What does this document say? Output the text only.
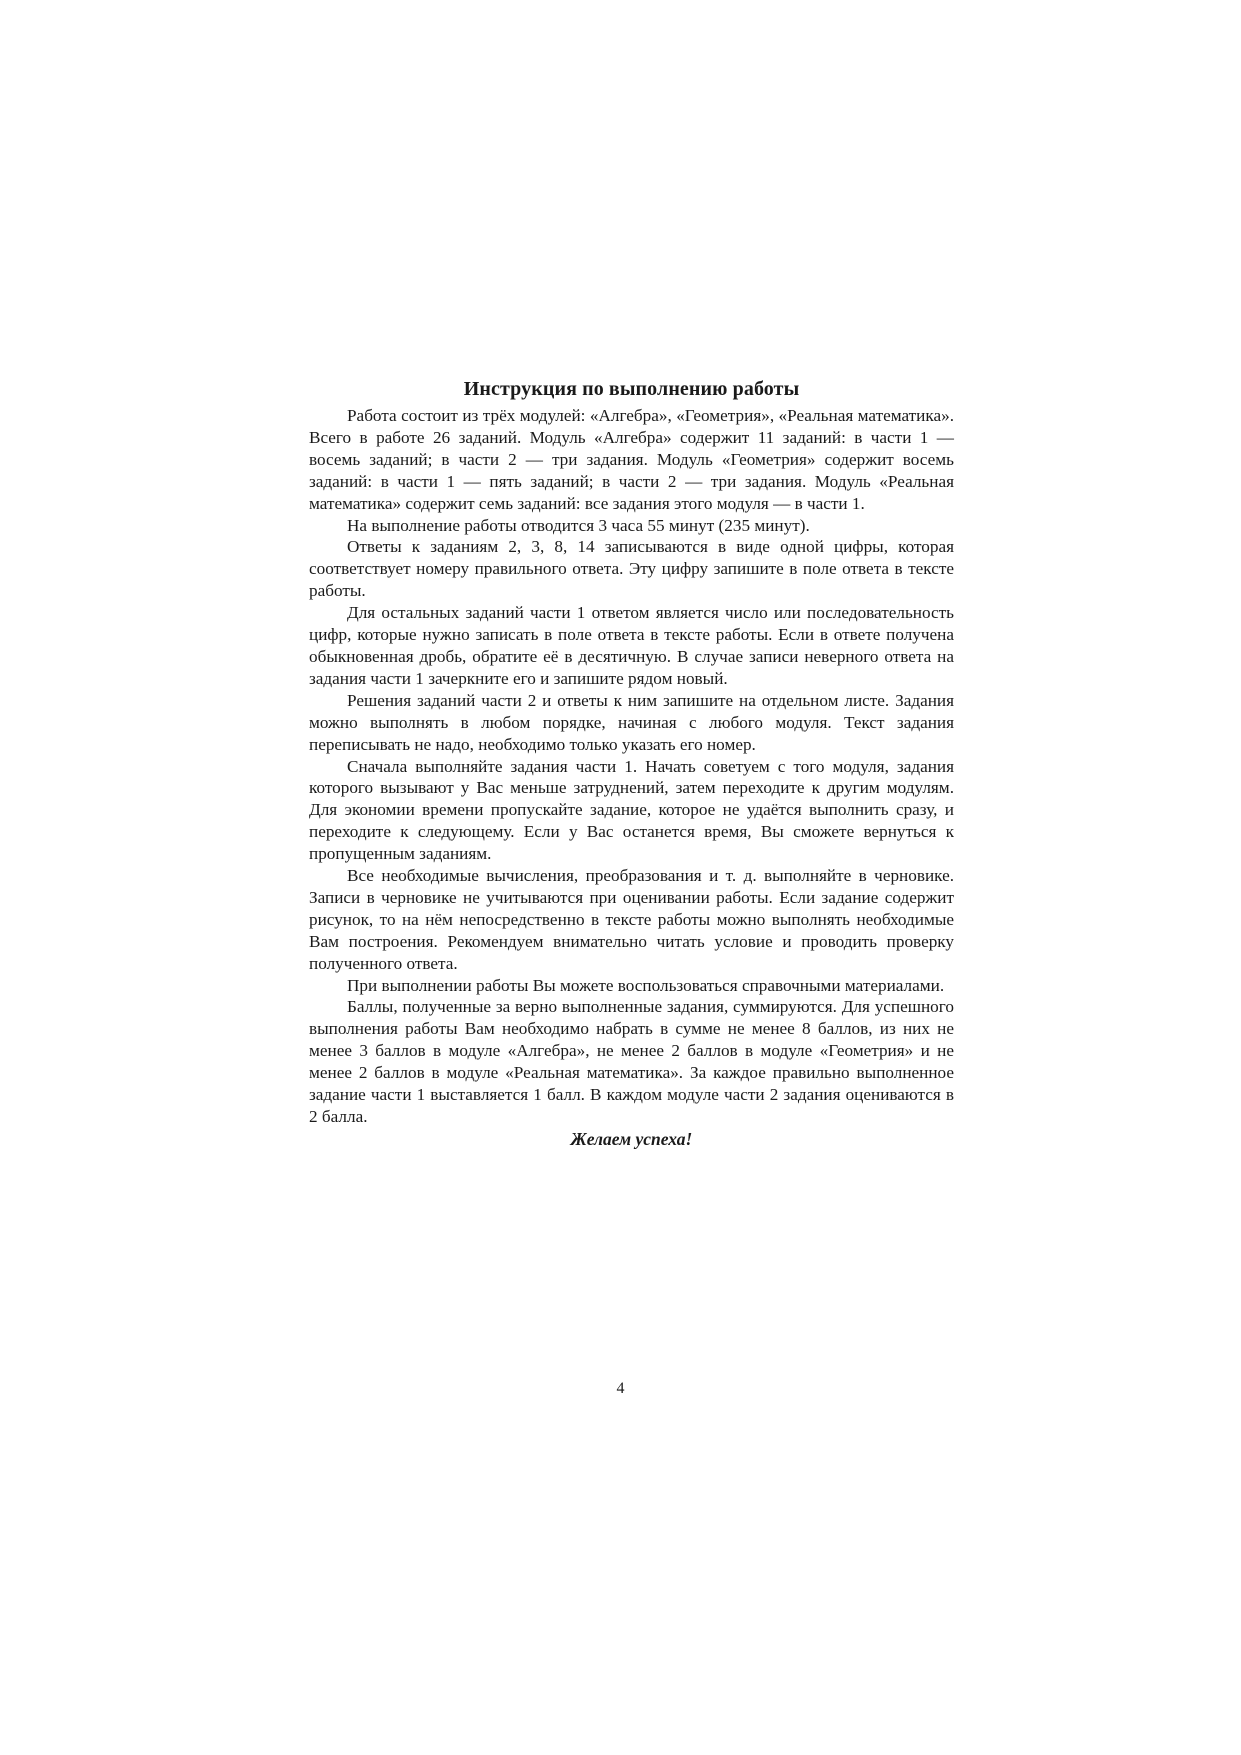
Инструкция по выполнению работы

Работа состоит из трёх модулей: «Алгебра», «Геометрия», «Реальная математика». Всего в работе 26 заданий. Модуль «Алгебра» содержит 11 заданий: в части 1 — восемь заданий; в части 2 — три задания. Модуль «Геометрия» содержит восемь заданий: в части 1 — пять заданий; в части 2 — три задания. Модуль «Реальная математика» содержит семь заданий: все задания этого модуля — в части 1.

На выполнение работы отводится 3 часа 55 минут (235 минут).

Ответы к заданиям 2, 3, 8, 14 записываются в виде одной цифры, которая соответствует номеру правильного ответа. Эту цифру запишите в поле ответа в тексте работы.

Для остальных заданий части 1 ответом является число или последовательность цифр, которые нужно записать в поле ответа в тексте работы. Если в ответе получена обыкновенная дробь, обратите её в десятичную. В случае записи неверного ответа на задания части 1 зачеркните его и запишите рядом новый.

Решения заданий части 2 и ответы к ним запишите на отдельном листе. Задания можно выполнять в любом порядке, начиная с любого модуля. Текст задания переписывать не надо, необходимо только указать его номер.

Сначала выполняйте задания части 1. Начать советуем с того модуля, задания которого вызывают у Вас меньше затруднений, затем переходите к другим модулям. Для экономии времени пропускайте задание, которое не удаётся выполнить сразу, и переходите к следующему. Если у Вас останется время, Вы сможете вернуться к пропущенным заданиям.

Все необходимые вычисления, преобразования и т. д. выполняйте в черновике. Записи в черновике не учитываются при оценивании работы. Если задание содержит рисунок, то на нём непосредственно в тексте работы можно выполнять необходимые Вам построения. Рекомендуем внимательно читать условие и проводить проверку полученного ответа.

При выполнении работы Вы можете воспользоваться справочными материалами.

Баллы, полученные за верно выполненные задания, суммируются. Для успешного выполнения работы Вам необходимо набрать в сумме не менее 8 баллов, из них не менее 3 баллов в модуле «Алгебра», не менее 2 баллов в модуле «Геометрия» и не менее 2 баллов в модуле «Реальная математика». За каждое правильно выполненное задание части 1 выставляется 1 балл. В каждом модуле части 2 задания оцениваются в 2 балла.

Желаем успеха!

4
